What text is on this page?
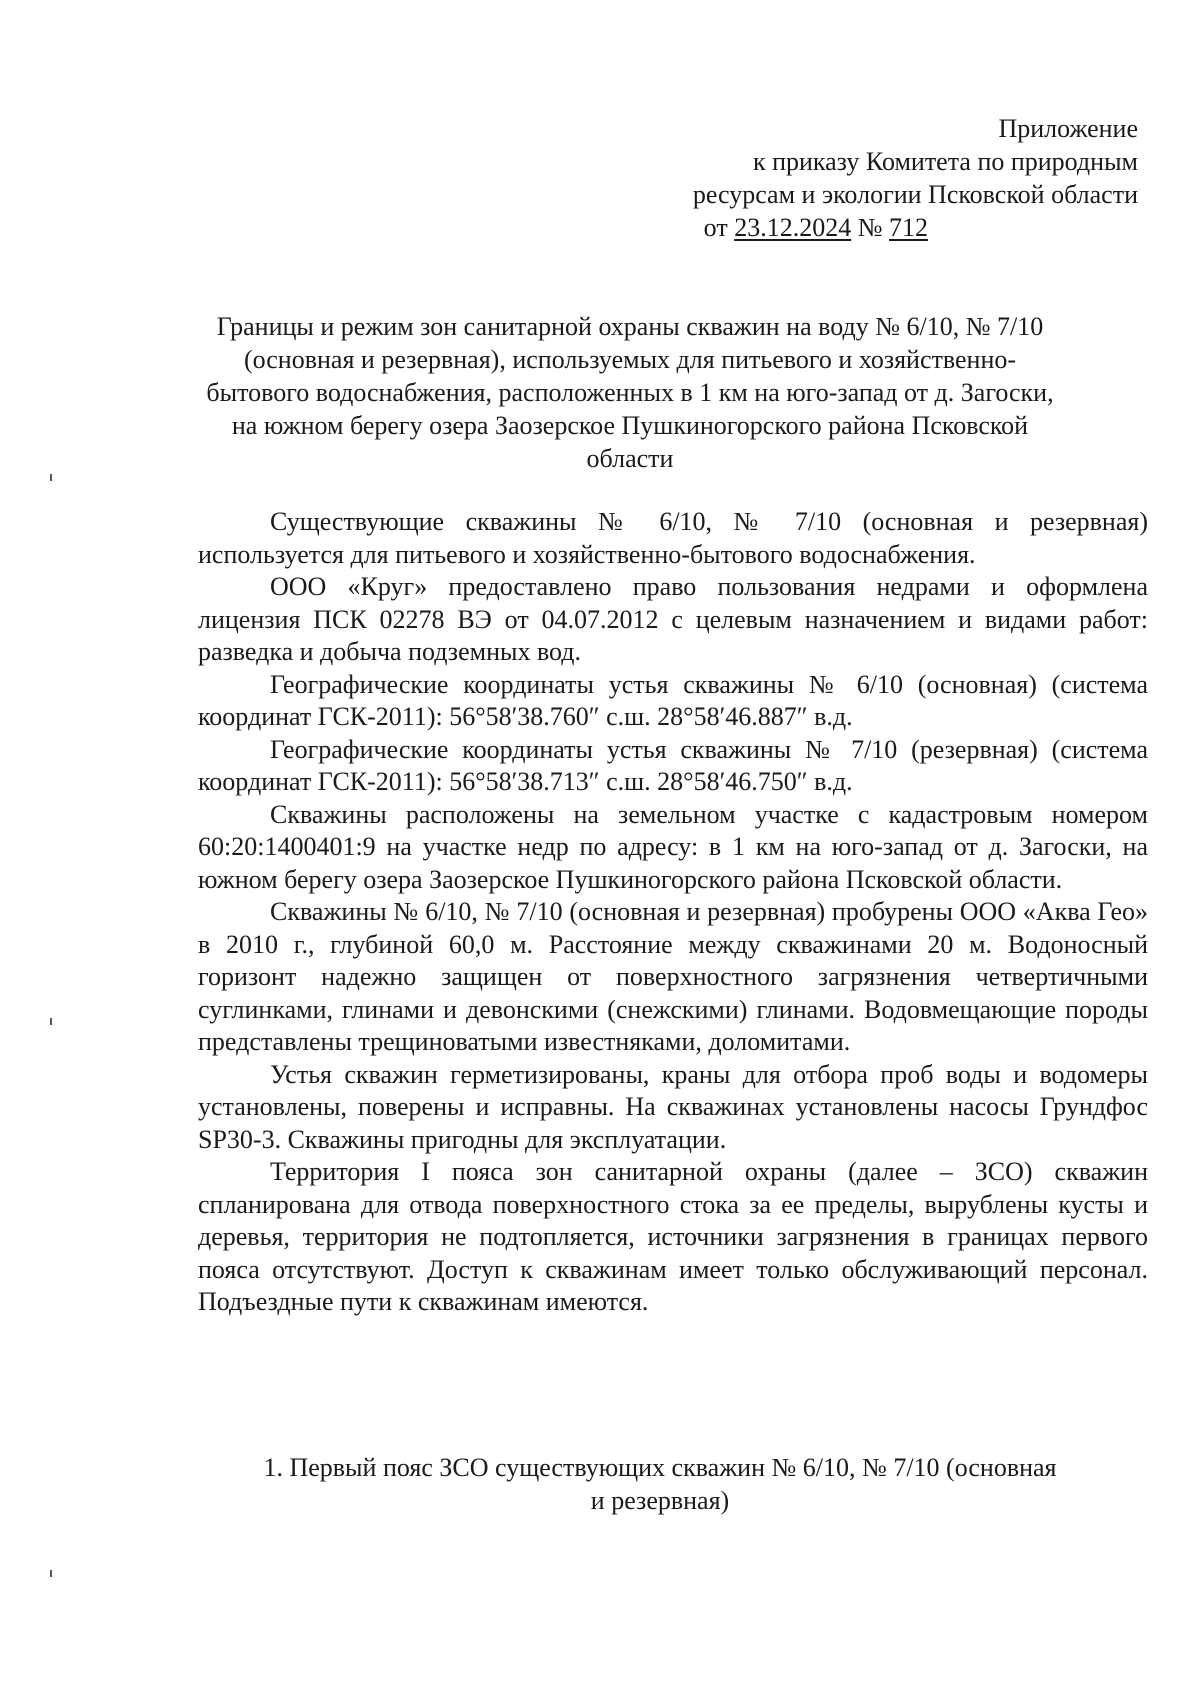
Приложение
к приказу Комитета по природным
ресурсам и экологии Псковской области
от 23.12.2024 № 712
Границы и режим зон санитарной охраны скважин на воду № 6/10, № 7/10
(основная и резервная), используемых для питьевого и хозяйственно-
бытового водоснабжения, расположенных в 1 км на юго-запад от д. Загоски,
на южном берегу озера Заозерское Пушкиногорского района Псковской
области

Существующие скважины № 6/10, № 7/10 (основная и резервная) используется для питьевого и хозяйственно-бытового водоснабжения.

ООО «Круг» предоставлено право пользования недрами и оформлена лицензия ПСК 02278 ВЭ от 04.07.2012 с целевым назначением и видами работ: разведка и добыча подземных вод.

Географические координаты устья скважины № 6/10 (основная) (система координат ГСК-2011): 56°58′38.760″ с.ш. 28°58′46.887″ в.д.

Географические координаты устья скважины № 7/10 (резервная) (система координат ГСК-2011): 56°58′38.713″ с.ш. 28°58′46.750″ в.д.

Скважины расположены на земельном участке с кадастровым номером 60:20:1400401:9 на участке недр по адресу: в 1 км на юго-запад от д. Загоски, на южном берегу озера Заозерское Пушкиногорского района Псковской области.

Скважины № 6/10, № 7/10 (основная и резервная) пробурены ООО «Аква Гео» в 2010 г., глубиной 60,0 м. Расстояние между скважинами 20 м. Водоносный горизонт надежно защищен от поверхностного загрязнения четвертичными суглинками, глинами и девонскими (снежскими) глинами. Водовмещающие породы представлены трещиноватыми известняками, доломитами.

Устья скважин герметизированы, краны для отбора проб воды и водомеры установлены, поверены и исправны. На скважинах установлены насосы Грундфос SP30-3. Скважины пригодны для эксплуатации.

Территория I пояса зон санитарной охраны (далее – ЗСО) скважин спланирована для отвода поверхностного стока за ее пределы, вырублены кусты и деревья, территория не подтопляется, источники загрязнения в границах первого пояса отсутствуют. Доступ к скважинам имеет только обслуживающий персонал. Подъездные пути к скважинам имеются.

1. Первый пояс ЗСО существующих скважин № 6/10, № 7/10 (основная
и резервная)
